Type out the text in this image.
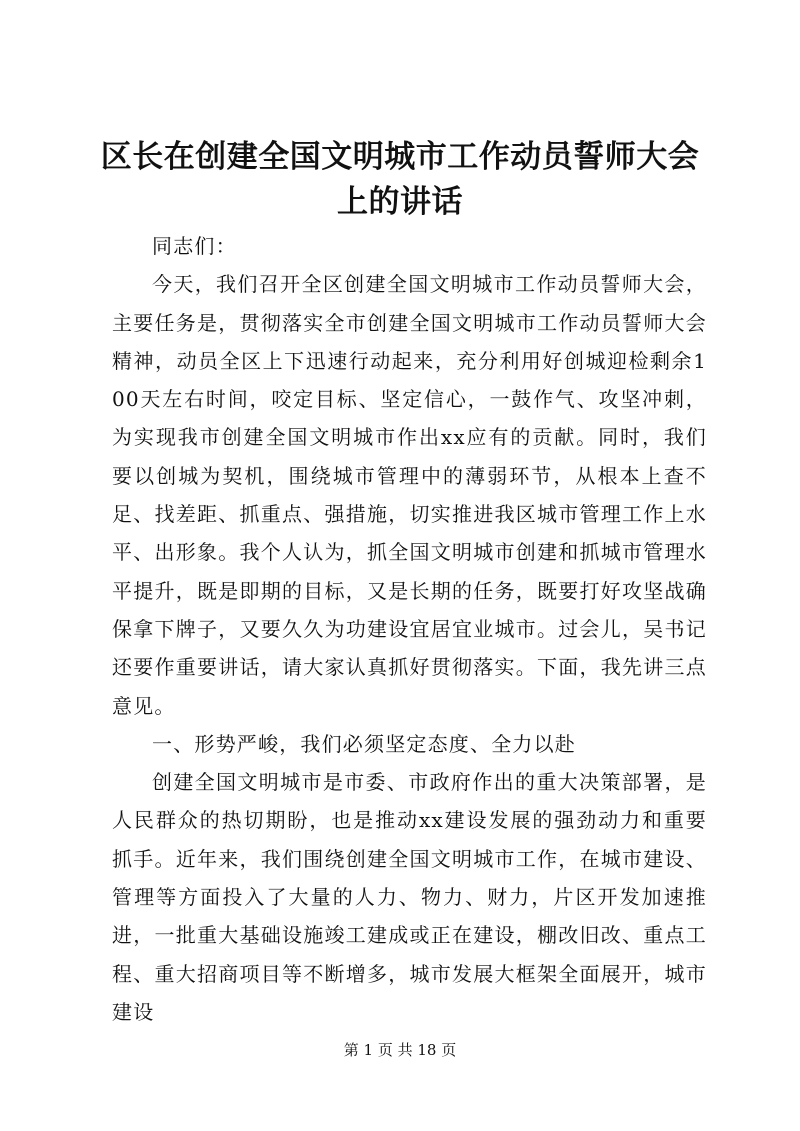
区长在创建全国文明城市工作动员誓师大会上的讲话

同志们：

今天，我们召开全区创建全国文明城市工作动员誓师大会，主要任务是，贯彻落实全市创建全国文明城市工作动员誓师大会精神，动员全区上下迅速行动起来，充分利用好创城迎检剩余100天左右时间，咬定目标、坚定信心，一鼓作气、攻坚冲刺，为实现我市创建全国文明城市作出xx应有的贡献。同时，我们要以创城为契机，围绕城市管理中的薄弱环节，从根本上查不足、找差距、抓重点、强措施，切实推进我区城市管理工作上水平、出形象。我个人认为，抓全国文明城市创建和抓城市管理水平提升，既是即期的目标，又是长期的任务，既要打好攻坚战确保拿下牌子，又要久久为功建设宜居宜业城市。过会儿，吴书记还要作重要讲话，请大家认真抓好贯彻落实。下面，我先讲三点意见。

一、形势严峻，我们必须坚定态度、全力以赴

创建全国文明城市是市委、市政府作出的重大决策部署，是人民群众的热切期盼，也是推动xx建设发展的强劲动力和重要抓手。近年来，我们围绕创建全国文明城市工作，在城市建设、管理等方面投入了大量的人力、物力、财力，片区开发加速推进，一批重大基础设施竣工建成或正在建设，棚改旧改、重点工程、重大招商项目等不断增多，城市发展大框架全面展开，城市建设

第 1 页 共 18 页
